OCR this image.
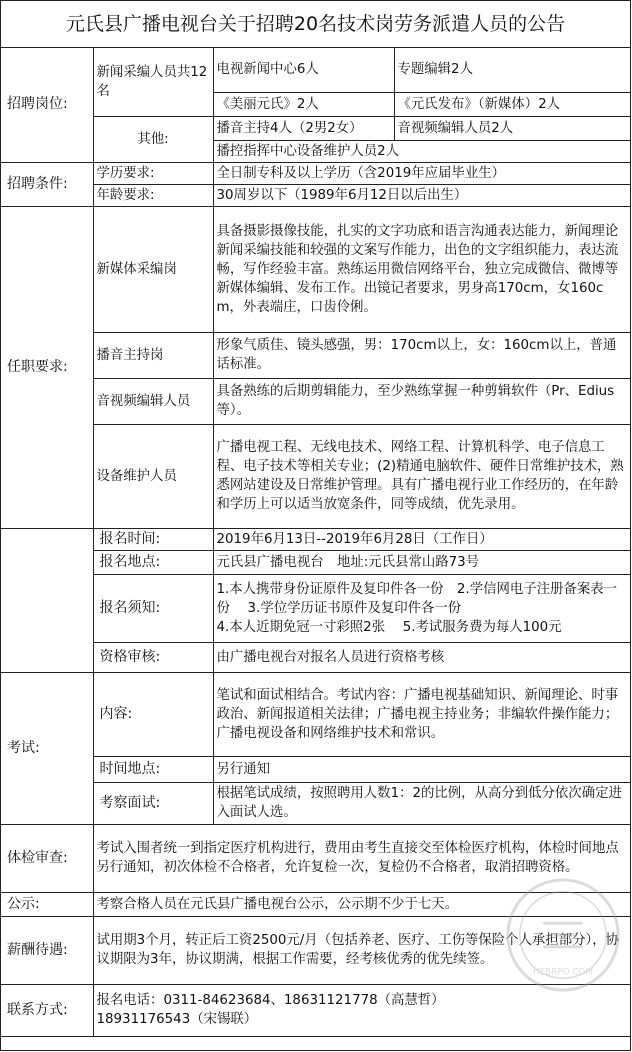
元氏县广播电视台关于招聘20名技术岗劳务派遣人员的公告
招聘岗位:	新闻采编人员共12名	电视新闻中心6人	专题编辑2人
		《美丽元氏》2人	《元氏发布》（新媒体）2人
	其他:	播音主持4人（2男2女）	音视频编辑人员2人
		播控指挥中心设备维护人员2人	
招聘条件:	学历要求:	全日制专科及以上学历（含2019年应届毕业生）	
	年龄要求:	30周岁以下（1989年6月12日以后出生）	
任职要求:	新媒体采编岗	具备摄影摄像技能，扎实的文字功底和语言沟通表达能力，新闻理论新闻采编技能和较强的文案写作能力，出色的文字组织能力，表达流畅，写作经验丰富。熟练运用微信网络平台，独立完成微信、微博等新媒体编辑、发布工作。出镜记者要求，男身高170cm，女160cm，外表端庄，口齿伶俐。	
	播音主持岗	形象气质佳、镜头感强，男：170cm以上，女：160cm以上，普通话标准。	
	音视频编辑人员	具备熟练的后期剪辑能力，至少熟练掌握一种剪辑软件（Pr、Edius等）。	
	设备维护人员	广播电视工程、无线电技术、网络工程、计算机科学、电子信息工程、电子技术等相关专业；(2)精通电脑软件、硬件日常维护技术，熟悉网站建设及日常维护管理。具有广播电视行业工作经历的，在年龄和学历上可以适当放宽条件，同等成绩，优先录用。	
	报名时间:	2019年6月13日--2019年6月28日（工作日）	
	报名地点:	元氏县广播电视台　地址:元氏县常山路73号	
	报名须知:	1.本人携带身份证原件及复印件各一份　2.学信网电子注册备案表一份　 3.学位学历证书原件及复印件各一份
4.本人近期免冠一寸彩照2张　 5.考试服务费为每人100元	

	资格审核:	由广播电视台对报名人员进行资格考核	
考试:	内容:	笔试和面试相结合。考试内容：广播电视基础知识、新闻理论、时事政治、新闻报道相关法律；广播电视主持业务；非编软件操作能力；广播电视设备和网络维护技术和常识。	
	时间地点:	另行通知	
	考察面试:	根据笔试成绩，按照聘用人数1：2的比例，从高分到低分依次确定进入面试人选。	
体检审查:	考试入围者统一到指定医疗机构进行，费用由考生直接交至体检医疗机构，体检时间地点另行通知，初次体检不合格者，允许复检一次，复检仍不合格者，取消招聘资格。		
公示:	考察合格人员在元氏县广播电视台公示，公示期不少于七天。		
薪酬待遇:	试用期3个月，转正后工资2500元/月（包括养老、医疗、工伤等保险个人承担部分），协议期限为3年，协议期满，根据工作需要，经考核优秀的优先续签。		
联系方式:	报名电话：0311-84623684、18631121778（高慧哲）
18931176543（宋锡联）		
HEBRPO.COM
